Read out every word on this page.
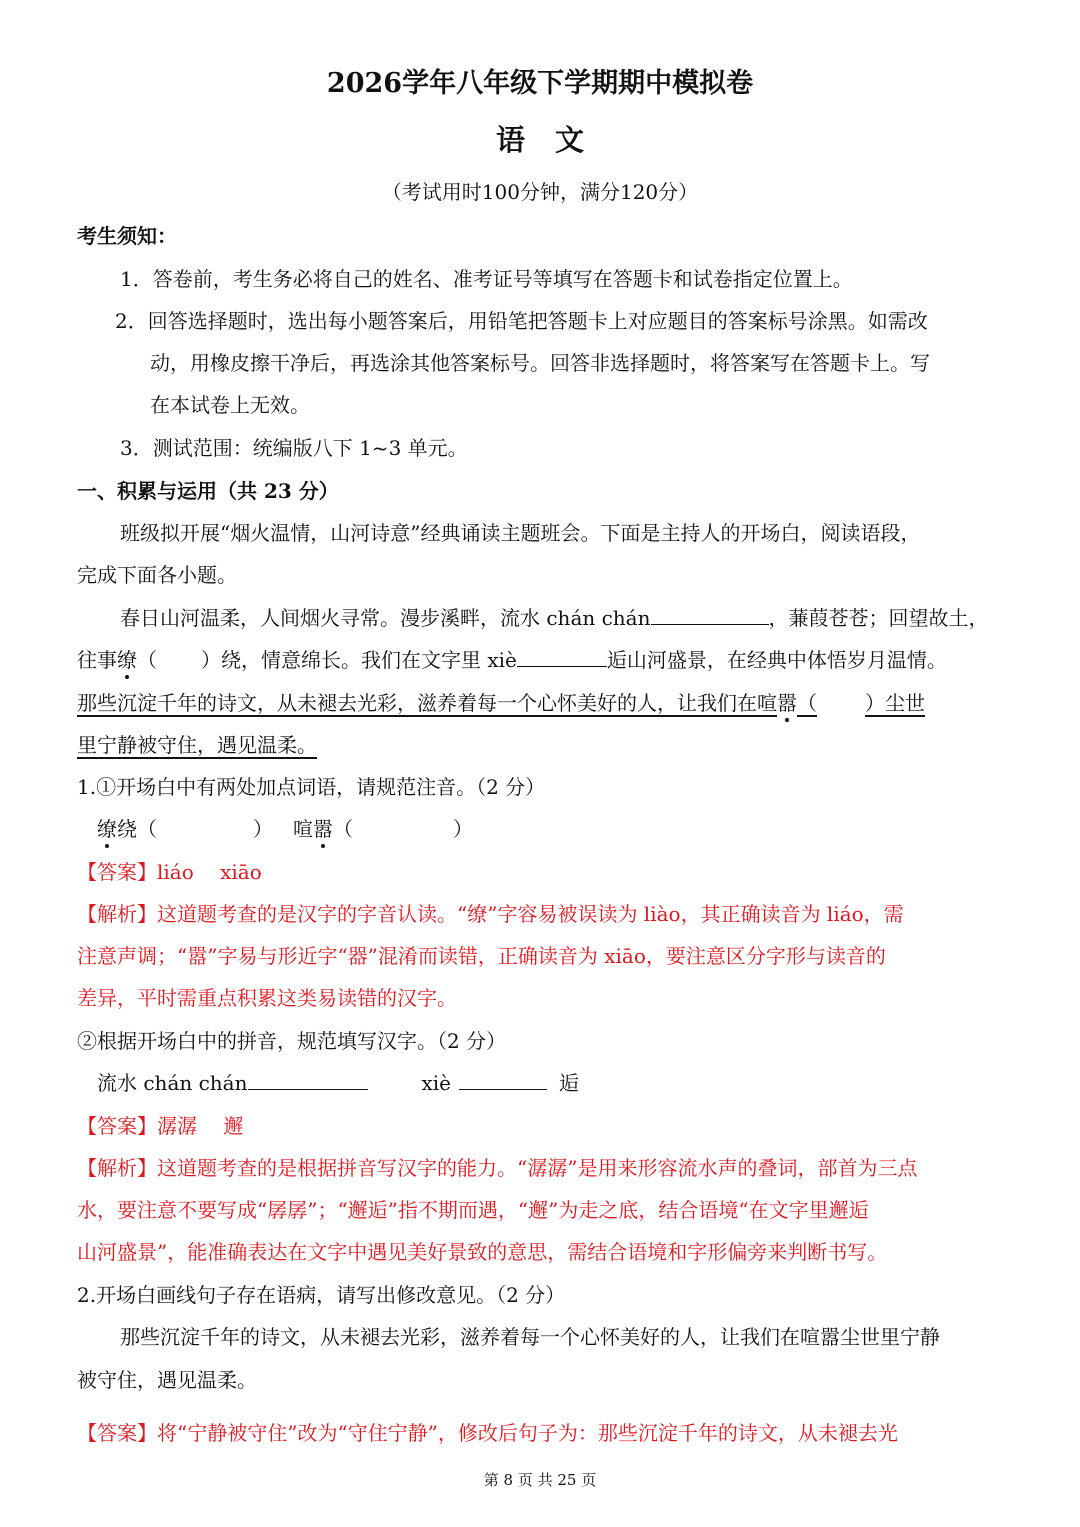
2026学年八年级下学期期中模拟卷
语文
（考试用时100分钟，满分120分）
考生须知：
1．答卷前，考生务必将自己的姓名、准考证号等填写在答题卡和试卷指定位置上。
2．回答选择题时，选出每小题答案后，用铅笔把答题卡上对应题目的答案标号涂黑。如需改
动，用橡皮擦干净后，再选涂其他答案标号。回答非选择题时，将答案写在答题卡上。写
在本试卷上无效。
3．测试范围：统编版八下 1~3 单元。
一、积累与运用（共 23 分）
班级拟开展“烟火温情，山河诗意”经典诵读主题班会。下面是主持人的开场白，阅读语段，
完成下面各小题。
春日山河温柔，人间烟火寻常。漫步溪畔，流水 chán chán	，蒹葭苍苍；回望故土，
往事缭（ ）绕，情意绵长。我们在文字里 xiè	逅山河盛景，在经典中体悟岁月温情。
那些沉淀千年的诗文，从未褪去光彩，滋养着每一个心怀美好的人，让我们在喧嚣（ ）尘世
里宁静被守住，遇见温柔。
1.①开场白中有两处加点词语，请规范注音。（2 分）
缭绕（	） 喧嚣（	）
【答案】liáo　 xiāo
【解析】这道题考查的是汉字的字音认读。“缭”字容易被误读为 liào，其正确读音为 liáo，需
注意声调；“嚣”字易与形近字“器”混淆而读错，正确读音为 xiāo，要注意区分字形与读音的
差异，平时需重点积累这类易读错的汉字。
②根据开场白中的拼音，规范填写汉字。（2 分）
流水 chán chán	xiè	逅
【答案】潺潺　 邂
【解析】这道题考查的是根据拼音写汉字的能力。“潺潺”是用来形容流水声的叠词，部首为三点
水，要注意不要写成“孱孱”；“邂逅”指不期而遇，“邂”为走之底，结合语境“在文字里邂逅
山河盛景”，能准确表达在文字中遇见美好景致的意思，需结合语境和字形偏旁来判断书写。
2.开场白画线句子存在语病，请写出修改意见。（2 分）
那些沉淀千年的诗文，从未褪去光彩，滋养着每一个心怀美好的人，让我们在喧嚣尘世里宁静
被守住，遇见温柔。
【答案】将“宁静被守住”改为“守住宁静”，修改后句子为：那些沉淀千年的诗文，从未褪去光
第 8 页 共 25 页
